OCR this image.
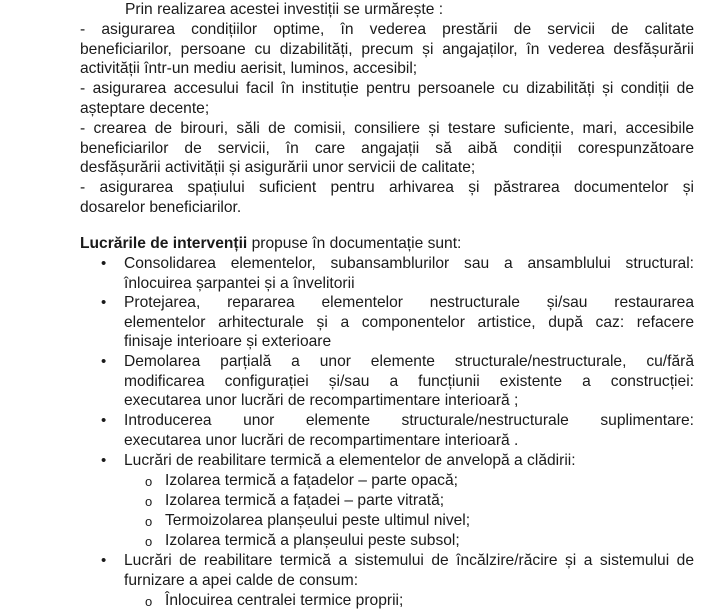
Prin realizarea acestei investiții se urmărește :
- asigurarea condițiilor optime, în vederea prestării de servicii de calitate
beneficiarilor, persoane cu dizabilități, precum și angajaților, în vederea desfășurării
activității într-un mediu aerisit, luminos, accesibil;
- asigurarea accesului facil în instituție pentru persoanele cu dizabilități și condiții de
așteptare decente;
- crearea de birouri, săli de comisii, consiliere și testare suficiente, mari, accesibile
beneficiarilor de servicii, în care angajații să aibă condiții corespunzătoare
desfășurării activității și asigurării unor servicii de calitate;
- asigurarea spațiului suficient pentru arhivarea și păstrarea documentelor și
dosarelor beneficiarilor.
Lucrările de intervenții propuse în documentație sunt:
• Consolidarea elementelor, subansamblurilor sau a ansamblului structural:
înlocuirea șarpantei și a învelitorii
• Protejarea, repararea elementelor nestructurale și/sau restaurarea
elementelor arhitecturale și a componentelor artistice, după caz: refacere
finisaje interioare și exterioare
• Demolarea parțială a unor elemente structurale/nestructurale, cu/fără
modificarea configurației și/sau a funcțiunii existente a construcției:
executarea unor lucrări de recompartimentare interioară ;
• Introducerea unor elemente structurale/nestructurale suplimentare:
executarea unor lucrări de recompartimentare interioară .
• Lucrări de reabilitare termică a elementelor de anvelopă a clădirii:
o Izolarea termică a fațadelor – parte opacă;
o Izolarea termică a fațadei – parte vitrată;
o Termoizolarea planșeului peste ultimul nivel;
o Izolarea termică a planșeului peste subsol;
• Lucrări de reabilitare termică a sistemului de încălzire/răcire și a sistemului de
furnizare a apei calde de consum:
o Înlocuirea centralei termice proprii;
